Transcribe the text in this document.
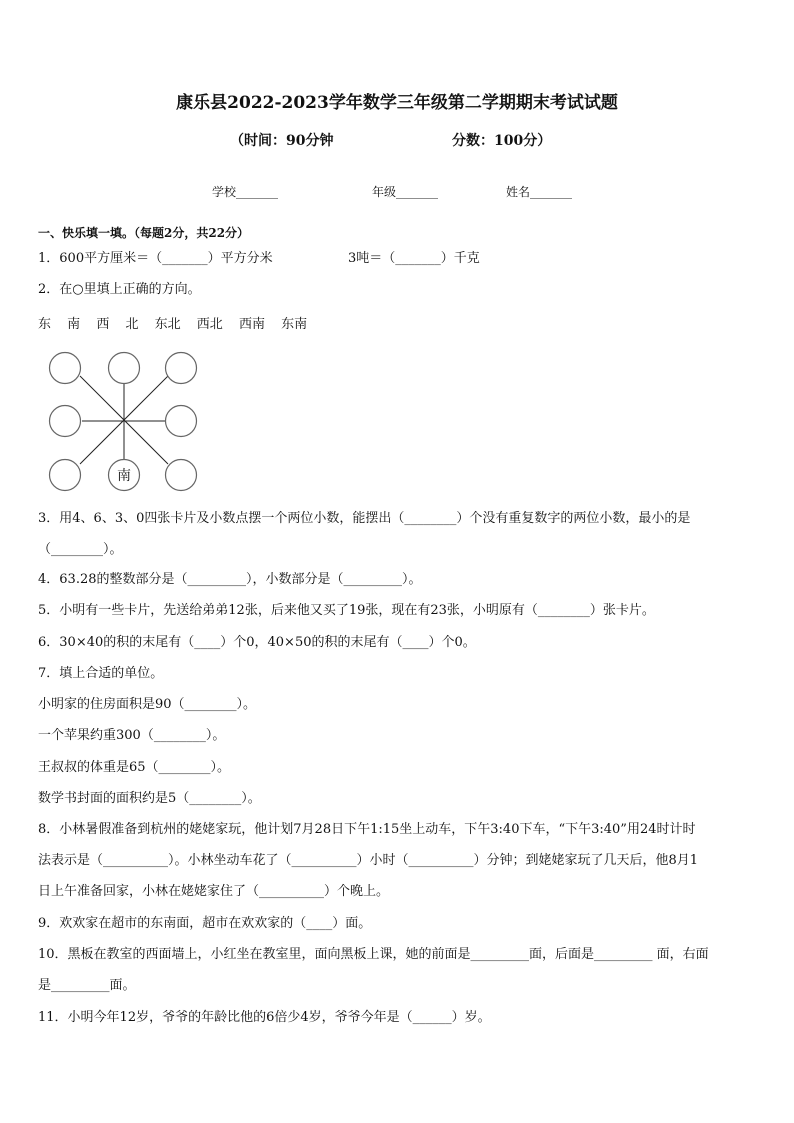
康乐县2022-2023学年数学三年级第二学期期末考试试题
（时间：90分钟	分数：100分）
学校_______	年级_______	姓名_______
一、快乐填一填。（每题2分，共22分）
1．600平方厘米＝（_______）平方分米	3吨＝（_______）千克
2．在○里填上正确的方向。
东 南 西 北 东北 西北 西南 东南
南
3．用4、6、3、0四张卡片及小数点摆一个两位小数，能摆出（________）个没有重复数字的两位小数，最小的是
（________）。
4．63.28的整数部分是（_________），小数部分是（_________）。
5．小明有一些卡片，先送给弟弟12张，后来他又买了19张，现在有23张，小明原有（________）张卡片。
6．30×40的积的末尾有（____）个0，40×50的积的末尾有（____）个0。
7．填上合适的单位。
小明家的住房面积是90（________）。
一个苹果约重300（________）。
王叔叔的体重是65（________）。
数学书封面的面积约是5（________）。
8．小林暑假准备到杭州的姥姥家玩，他计划7月28日下午1:15坐上动车，下午3:40下车，“下午3:40”用24时计时
法表示是（__________）。小林坐动车花了（__________）小时（__________）分钟；到姥姥家玩了几天后，他8月1
日上午准备回家，小林在姥姥家住了（__________）个晚上。
9．欢欢家在超市的东南面，超市在欢欢家的（____）面。
10．黑板在教室的西面墙上，小红坐在教室里，面向黑板上课，她的前面是_________面，后面是_________ 面，右面
是_________面。
11．小明今年12岁，爷爷的年龄比他的6倍少4岁，爷爷今年是（______）岁。
